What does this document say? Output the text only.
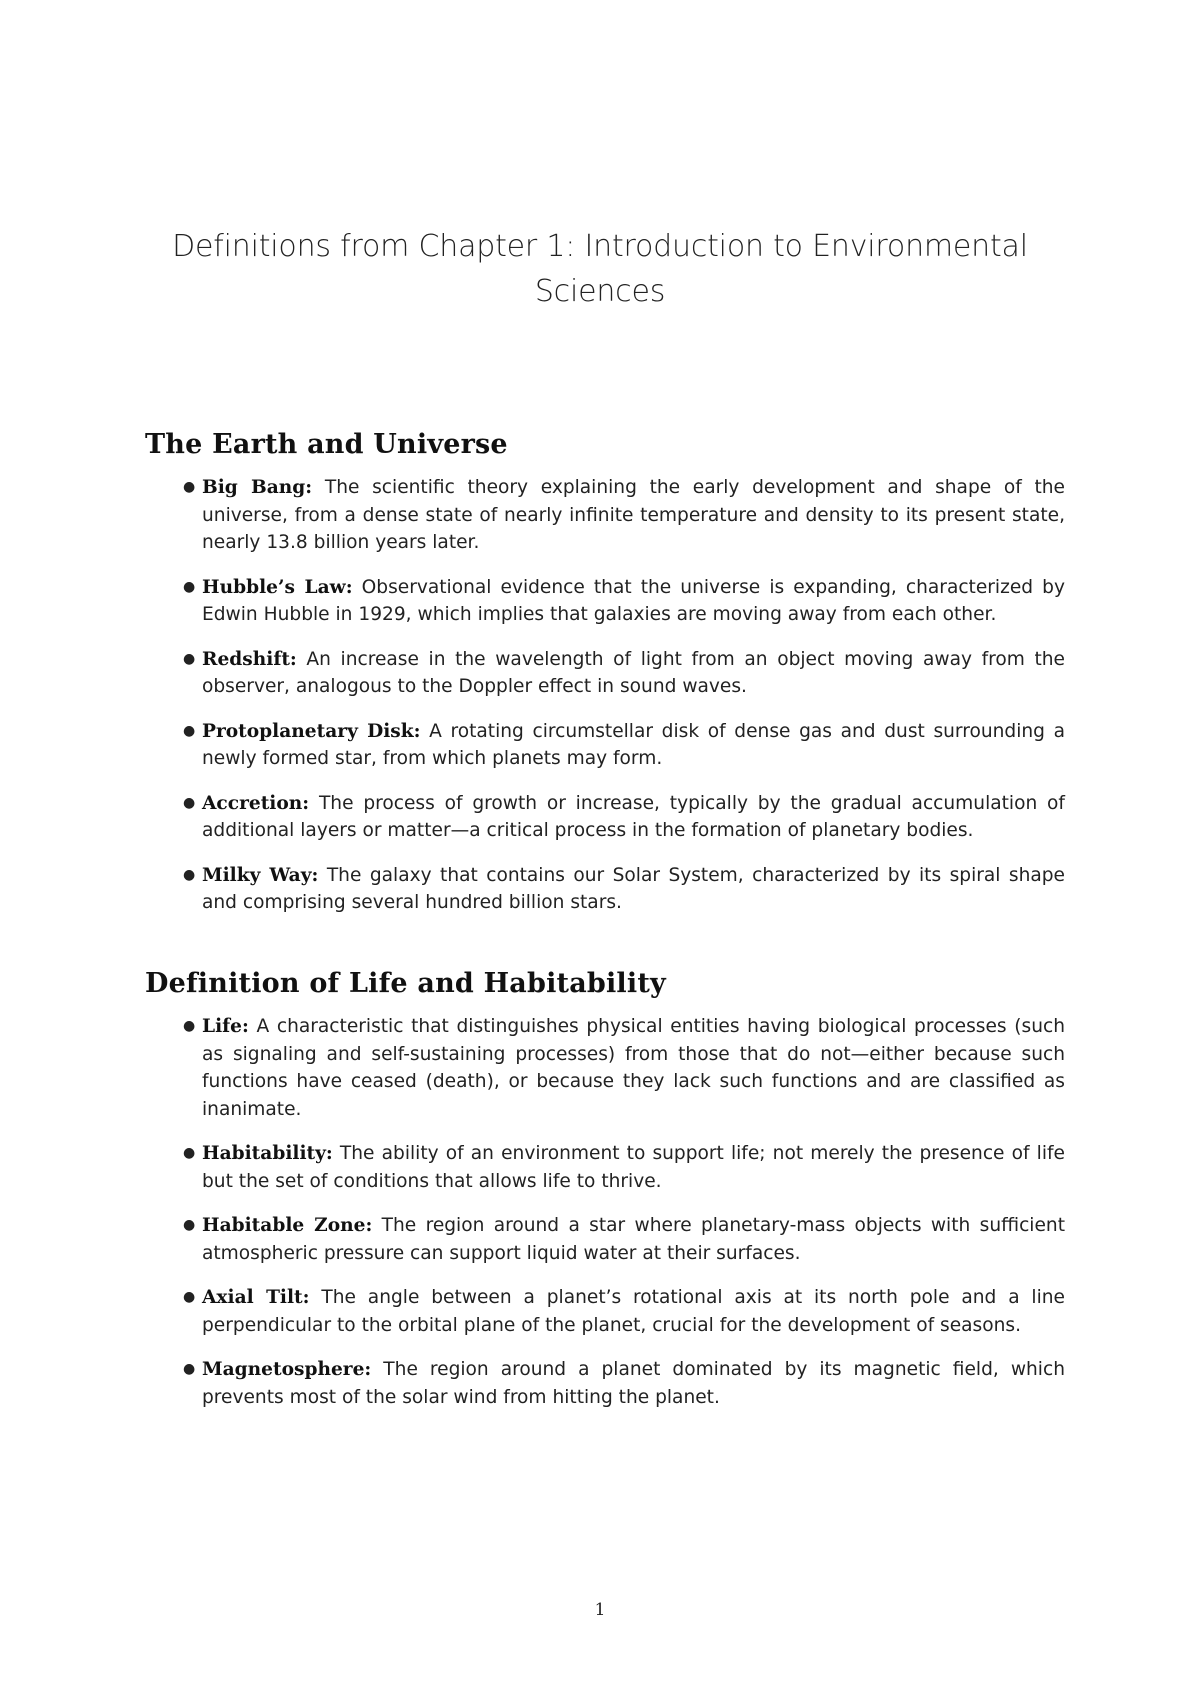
Definitions from Chapter 1: Introduction to Environmental Sciences
The Earth and Universe
● Big Bang: The scientific theory explaining the early development and shape of the universe, from a dense state of nearly infinite temperature and density to its present state, nearly 13.8 billion years later.
● Hubble’s Law: Observational evidence that the universe is expanding, characterized by Edwin Hubble in 1929, which implies that galaxies are moving away from each other.
● Redshift: An increase in the wavelength of light from an object moving away from the observer, analogous to the Doppler effect in sound waves.
● Protoplanetary Disk: A rotating circumstellar disk of dense gas and dust surrounding a newly formed star, from which planets may form.
● Accretion: The process of growth or increase, typically by the gradual accumulation of additional layers or matter—a critical process in the formation of planetary bodies.
● Milky Way: The galaxy that contains our Solar System, characterized by its spiral shape and comprising several hundred billion stars.
Definition of Life and Habitability
● Life: A characteristic that distinguishes physical entities having biological processes (such as signaling and self-sustaining processes) from those that do not—either because such functions have ceased (death), or because they lack such functions and are classified as inanimate.
● Habitability: The ability of an environment to support life; not merely the presence of life but the set of conditions that allows life to thrive.
● Habitable Zone: The region around a star where planetary-mass objects with sufficient atmospheric pressure can support liquid water at their surfaces.
● Axial Tilt: The angle between a planet’s rotational axis at its north pole and a line perpendicular to the orbital plane of the planet, crucial for the development of seasons.
● Magnetosphere: The region around a planet dominated by its magnetic field, which prevents most of the solar wind from hitting the planet.
1
